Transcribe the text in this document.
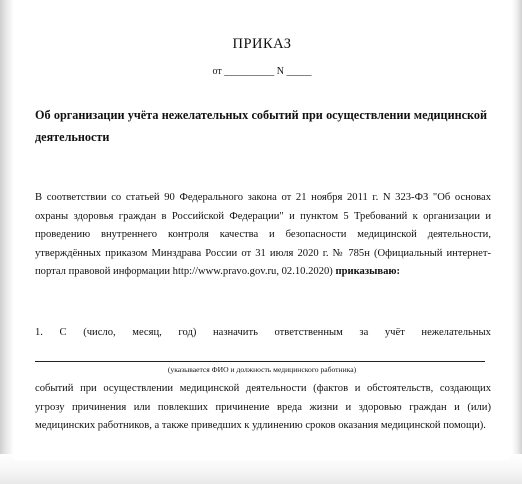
ПРИКАЗ
от __________ N _____
Об организации учёта нежелательных событий при осуществлении медицинской деятельности
В соответствии со статьей 90 Федерального закона от 21 ноября 2011 г. N 323-ФЗ "Об основах охраны здоровья граждан в Российской Федерации" и пунктом 5 Требований к организации и проведению внутреннего контроля качества и безопасности медицинской деятельности, утверждённых приказом Минздрава России от 31 июля 2020 г. № 785н (Официальный интернет-портал правовой информации http://www.pravo.gov.ru, 02.10.2020) приказываю:
1. С (число, месяц, год) назначить ответственным за учёт нежелательных
(указывается ФИО и должность медицинского работника)
событий при осуществлении медицинской деятельности (фактов и обстоятельств, создающих угрозу причинения или повлекших причинение вреда жизни и здоровью граждан и (или) медицинских работников, а также приведших к удлинению сроков оказания медицинской помощи).
